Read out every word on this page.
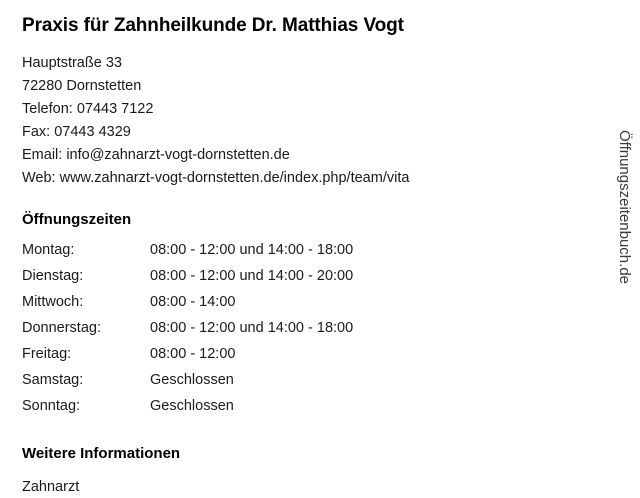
Praxis für Zahnheilkunde Dr. Matthias Vogt
Hauptstraße 33
72280 Dornstetten
Telefon: 07443 7122
Fax: 07443 4329
Email: info@zahnarzt-vogt-dornstetten.de
Web: www.zahnarzt-vogt-dornstetten.de/index.php/team/vita
Öffnungszeiten
Montag:	08:00 - 12:00 und 14:00 - 18:00
Dienstag:	08:00 - 12:00 und 14:00 - 20:00
Mittwoch:	08:00 - 14:00
Donnerstag:	08:00 - 12:00 und 14:00 - 18:00
Freitag:	08:00 - 12:00
Samstag:	Geschlossen
Sonntag:	Geschlossen
Weitere Informationen
Zahnarzt
Öffnungszeitenbuch.de
